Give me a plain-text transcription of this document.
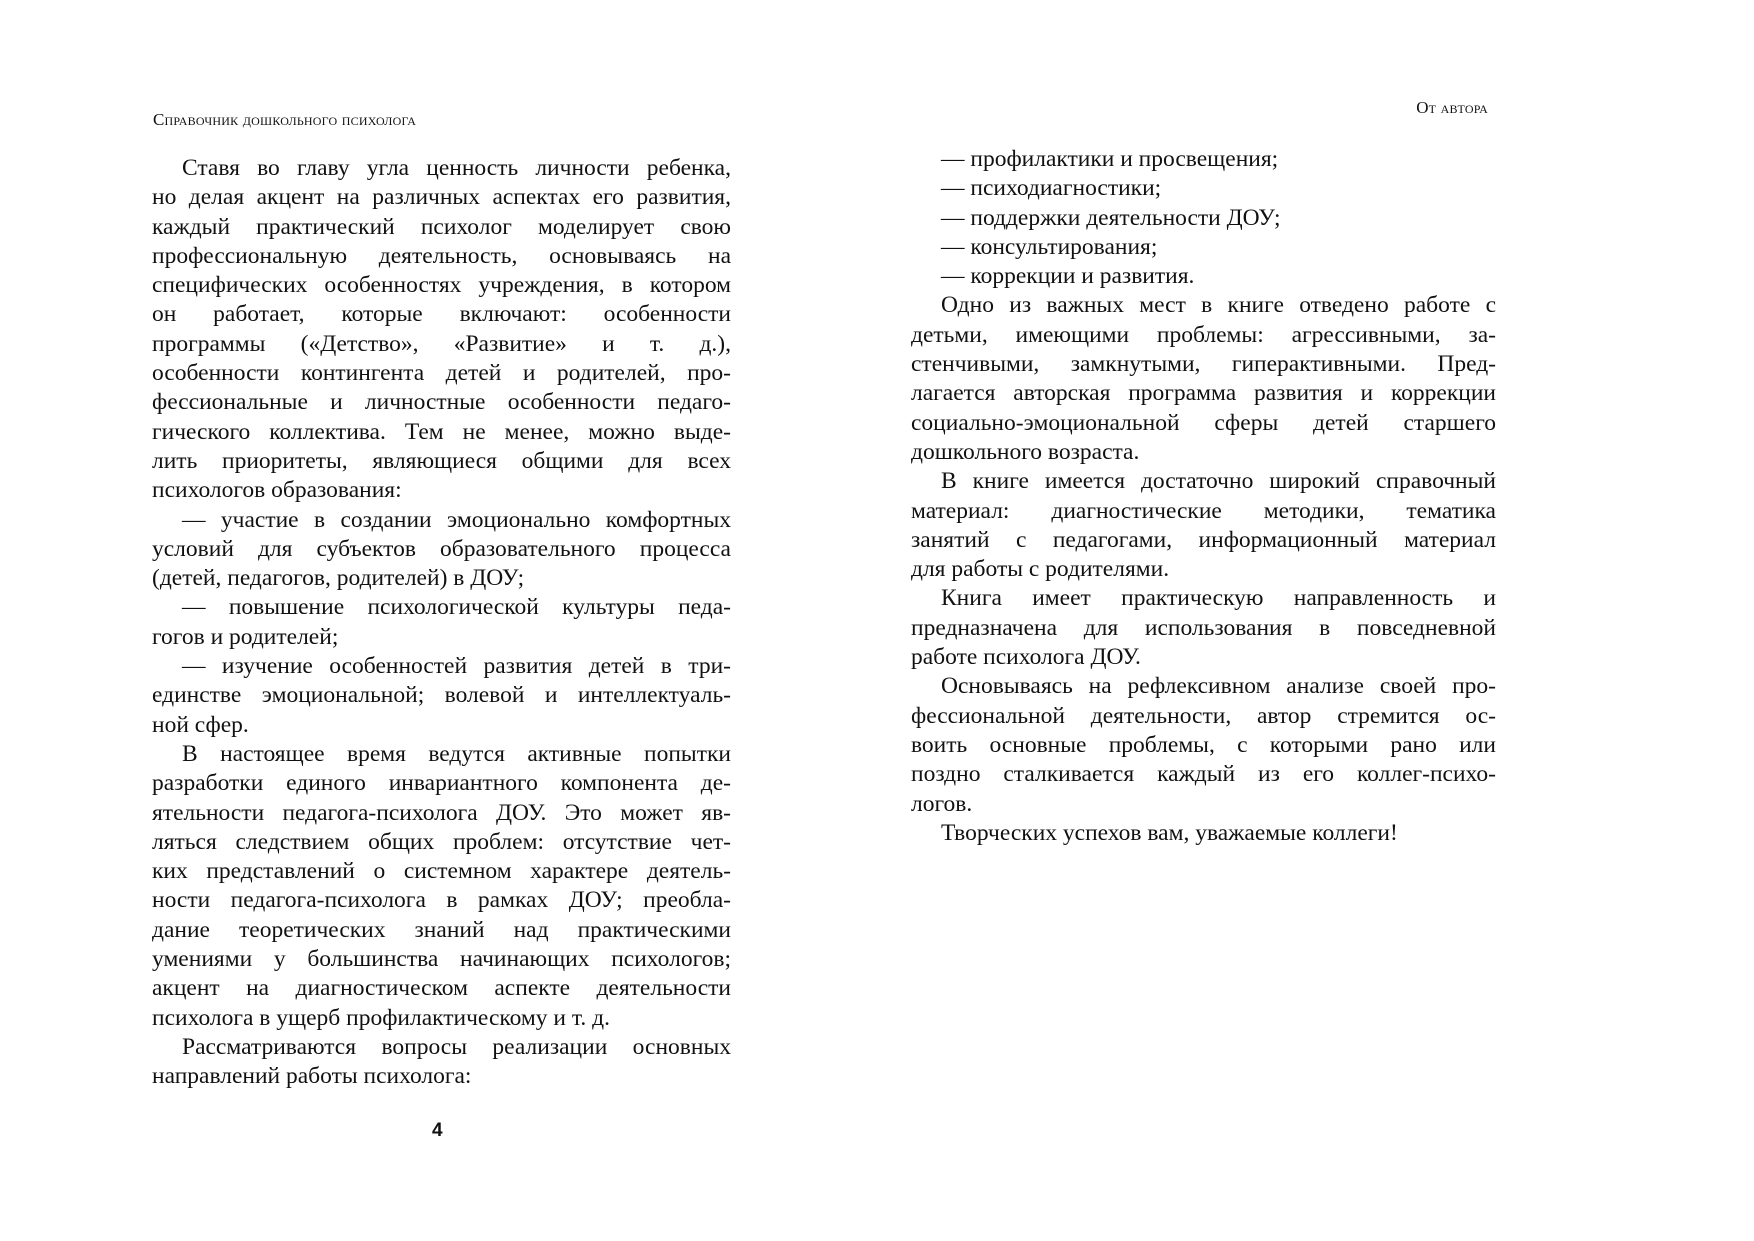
Справочник дошкольного психолога
От автора
Ставя во главу угла ценность личности ребенка,
но делая акцент на различных аспектах его развития,
каждый практический психолог моделирует свою
профессиональную деятельность, основываясь на
специфических особенностях учреждения, в котором
он работает, которые включают: особенности
программы («Детство», «Развитие» и т. д.),
особенности контингента детей и родителей, про-
фессиональные и личностные особенности педаго-
гического коллектива. Тем не менее, можно выде-
лить приоритеты, являющиеся общими для всех
психологов образования:
— участие в создании эмоционально комфортных
условий для субъектов образовательного процесса
(детей, педагогов, родителей) в ДОУ;
— повышение психологической культуры педа-
гогов и родителей;
— изучение особенностей развития детей в три-
единстве эмоциональной; волевой и интеллектуаль-
ной сфер.
В настоящее время ведутся активные попытки
разработки единого инвариантного компонента де-
ятельности педагога-психолога ДОУ. Это может яв-
ляться следствием общих проблем: отсутствие чет-
ких представлений о системном характере деятель-
ности педагога-психолога в рамках ДОУ; преобла-
дание теоретических знаний над практическими
умениями у большинства начинающих психологов;
акцент на диагностическом аспекте деятельности
психолога в ущерб профилактическому и т. д.
Рассматриваются вопросы реализации основных
направлений работы психолога:
— профилактики и просвещения;
— психодиагностики;
— поддержки деятельности ДОУ;
— консультирования;
— коррекции и развития.
Одно из важных мест в книге отведено работе с
детьми, имеющими проблемы: агрессивными, за-
стенчивыми, замкнутыми, гиперактивными. Пред-
лагается авторская программа развития и коррекции
социально-эмоциональной сферы детей старшего
дошкольного возраста.
В книге имеется достаточно широкий справочный
материал: диагностические методики, тематика
занятий с педагогами, информационный материал
для работы с родителями.
Книга имеет практическую направленность и
предназначена для использования в повседневной
работе психолога ДОУ.
Основываясь на рефлексивном анализе своей про-
фессиональной деятельности, автор стремится ос-
воить основные проблемы, с которыми рано или
поздно сталкивается каждый из его коллег-психо-
логов.
Творческих успехов вам, уважаемые коллеги!
4
